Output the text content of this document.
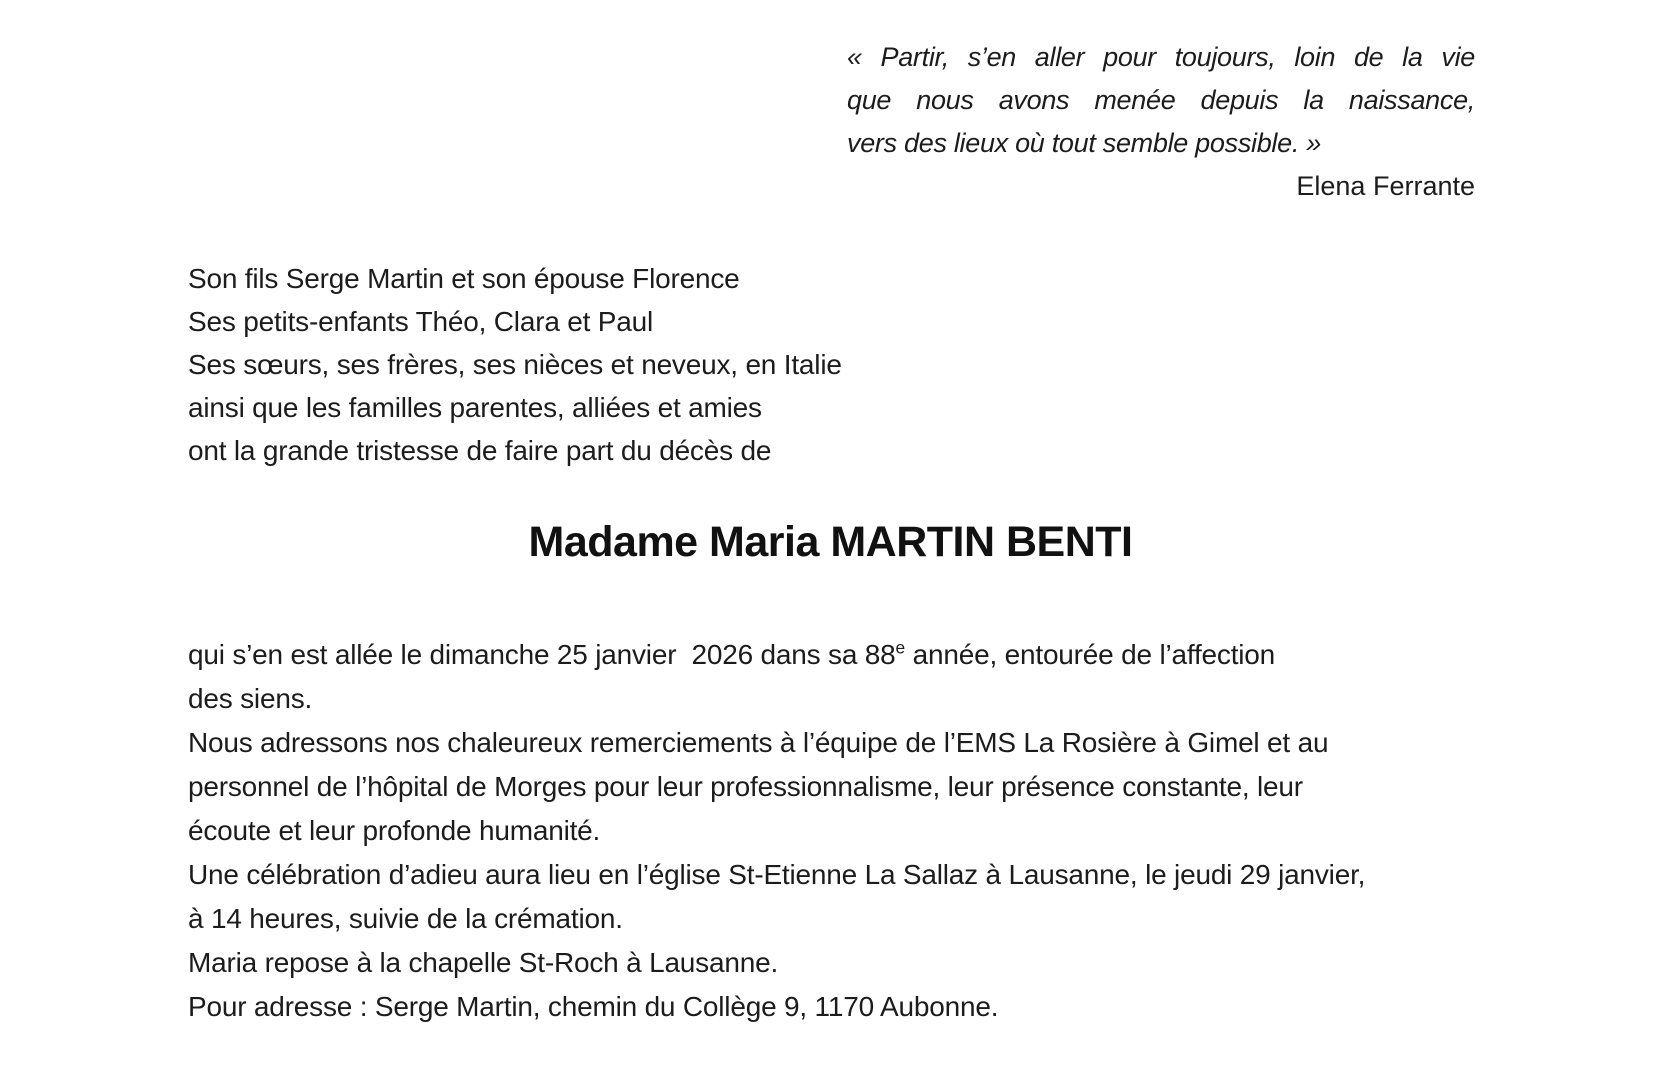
« Partir, s’en aller pour toujours, loin de la vie
que nous avons menée depuis la naissance,
vers des lieux où tout semble possible. »
Elena Ferrante
Son fils Serge Martin et son épouse Florence
Ses petits-enfants Théo, Clara et Paul
Ses sœurs, ses frères, ses nièces et neveux, en Italie
ainsi que les familles parentes, alliées et amies
ont la grande tristesse de faire part du décès de
Madame Maria MARTIN BENTI
qui s’en est allée le dimanche 25 janvier  2026 dans sa 88e année, entourée de l’affection
des siens.
Nous adressons nos chaleureux remerciements à l’équipe de l’EMS La Rosière à Gimel et au
personnel de l’hôpital de Morges pour leur professionnalisme, leur présence constante, leur
écoute et leur profonde humanité.
Une célébration d’adieu aura lieu en l’église St-Etienne La Sallaz à Lausanne, le jeudi 29 janvier,
à 14 heures, suivie de la crémation.
Maria repose à la chapelle St-Roch à Lausanne.
Pour adresse : Serge Martin, chemin du Collège 9, 1170 Aubonne.
